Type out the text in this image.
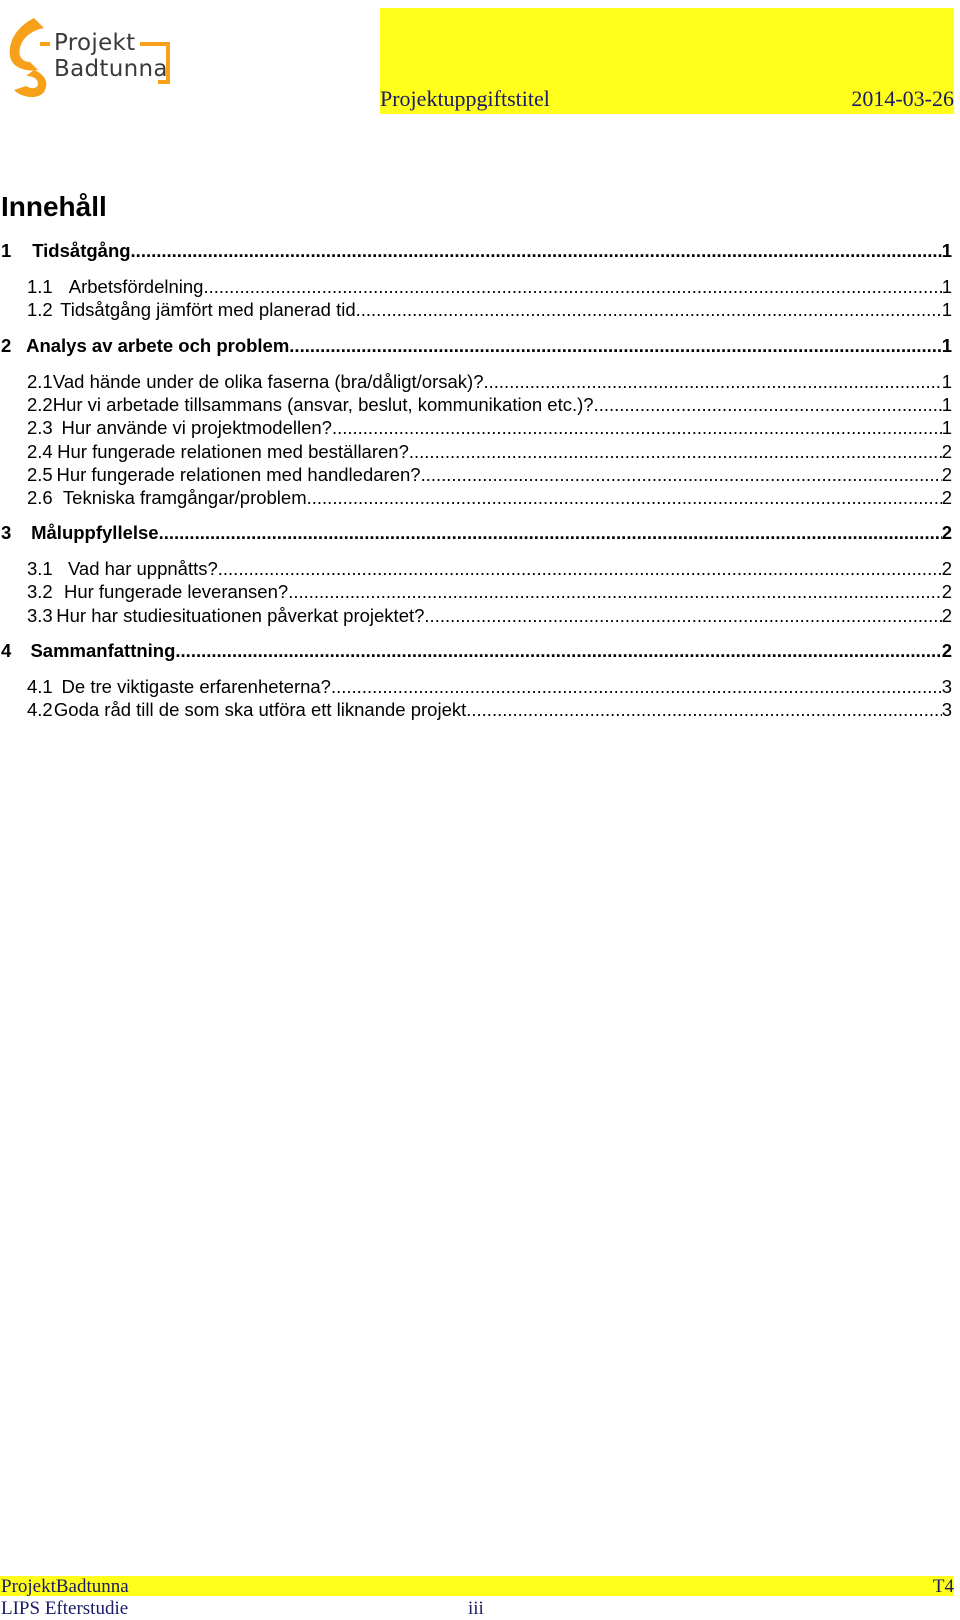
Projekt
Badtunna
Projektuppgiftstitel	2014-03-26
Innehåll
1	Tidsåtgång .....	1
1.1 Arbetsfördelning .....	1
1.2 Tidsåtgång jämfört med planerad tid .....	1
2 Analys av arbete och problem .....	1
2.1 Vad hände under de olika faserna (bra/dåligt/orsak)? .....	1
2.2 Hur vi arbetade tillsammans (ansvar, beslut, kommunikation etc.)? .....	1
2.3 Hur använde vi projektmodellen? .....	1
2.4 Hur fungerade relationen med beställaren? .....	2
2.5 Hur fungerade relationen med handledaren? .....	2
2.6 Tekniska framgångar/problem .....	2
3	Måluppfyllelse .....	2
3.1 Vad har uppnåtts? .....	2
3.2 Hur fungerade leveransen? .....	2
3.3 Hur har studiesituationen påverkat projektet? .....	2
4	Sammanfattning .....	2
4.1 De tre viktigaste erfarenheterna? .....	3
4.2 Goda råd till de som ska utföra ett liknande projekt .....	3
ProjektBadtunna	T4
LIPS Efterstudie	iii
